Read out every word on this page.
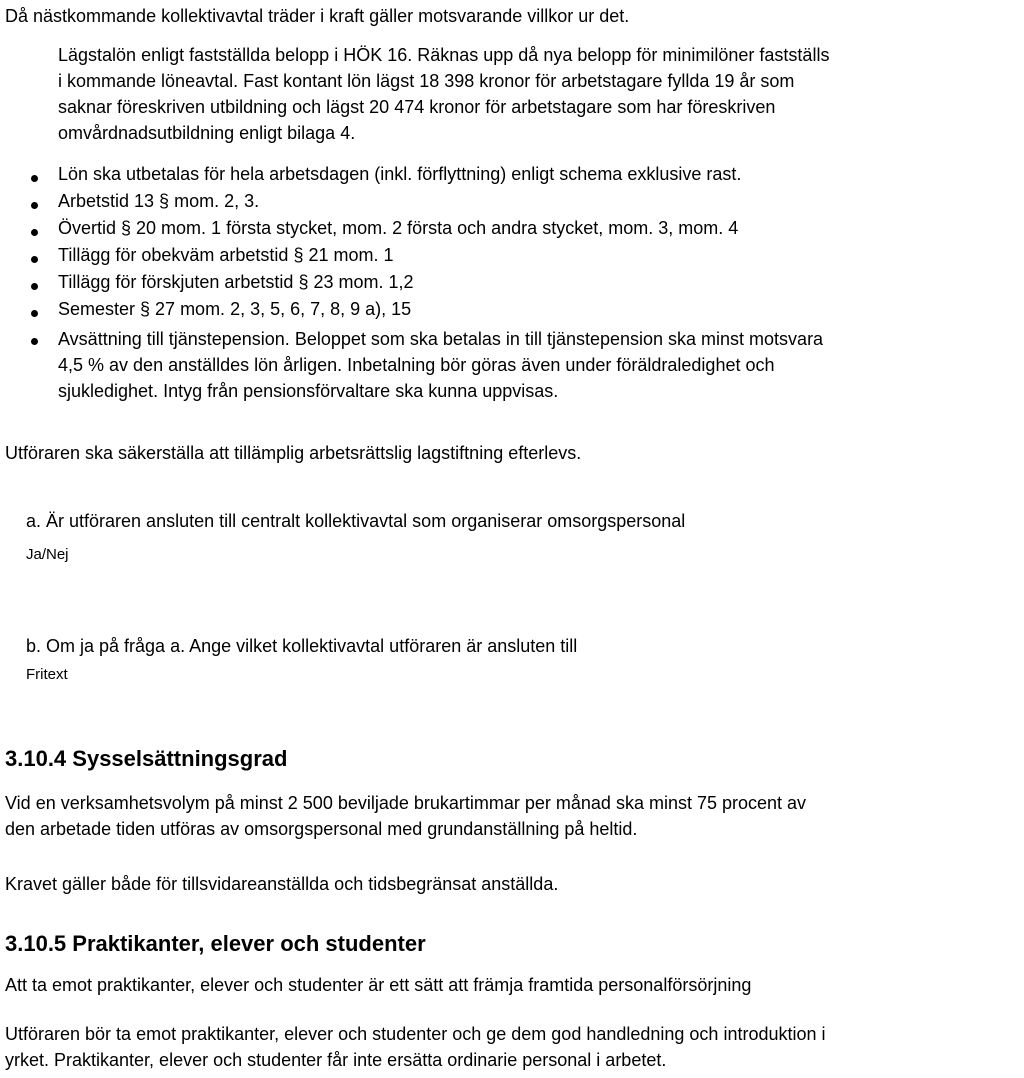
Då nästkommande kollektivavtal träder i kraft gäller motsvarande villkor ur det.
Lägstalön enligt fastställda belopp i HÖK 16. Räknas upp då nya belopp för minimilöner fastställs
i kommande löneavtal. Fast kontant lön lägst 18 398 kronor för arbetstagare fyllda 19 år som
saknar föreskriven utbildning och lägst 20 474 kronor för arbetstagare som har föreskriven
omvårdnadsutbildning enligt bilaga 4.
Lön ska utbetalas för hela arbetsdagen (inkl. förflyttning) enligt schema exklusive rast.
Arbetstid 13 § mom. 2, 3.
Övertid § 20 mom. 1 första stycket, mom. 2 första och andra stycket, mom. 3, mom. 4
Tillägg för obekväm arbetstid § 21 mom. 1
Tillägg för förskjuten arbetstid § 23 mom. 1,2
Semester § 27 mom. 2, 3, 5, 6, 7, 8, 9 a), 15
Avsättning till tjänstepension. Beloppet som ska betalas in till tjänstepension ska minst motsvara
4,5 % av den anställdes lön årligen. Inbetalning bör göras även under föräldraledighet och
sjukledighet. Intyg från pensionsförvaltare ska kunna uppvisas.
Utföraren ska säkerställa att tillämplig arbetsrättslig lagstiftning efterlevs.
a. Är utföraren ansluten till centralt kollektivavtal som organiserar omsorgspersonal
Ja/Nej
b. Om ja på fråga a. Ange vilket kollektivavtal utföraren är ansluten till
Fritext
3.10.4 Sysselsättningsgrad
Vid en verksamhetsvolym på minst 2 500 beviljade brukartimmar per månad ska minst 75 procent av
den arbetade tiden utföras av omsorgspersonal med grundanställning på heltid.
Kravet gäller både för tillsvidareanställda och tidsbegränsat anställda.
3.10.5 Praktikanter, elever och studenter
Att ta emot praktikanter, elever och studenter är ett sätt att främja framtida personalförsörjning
Utföraren bör ta emot praktikanter, elever och studenter och ge dem god handledning och introduktion i
yrket. Praktikanter, elever och studenter får inte ersätta ordinarie personal i arbetet.
